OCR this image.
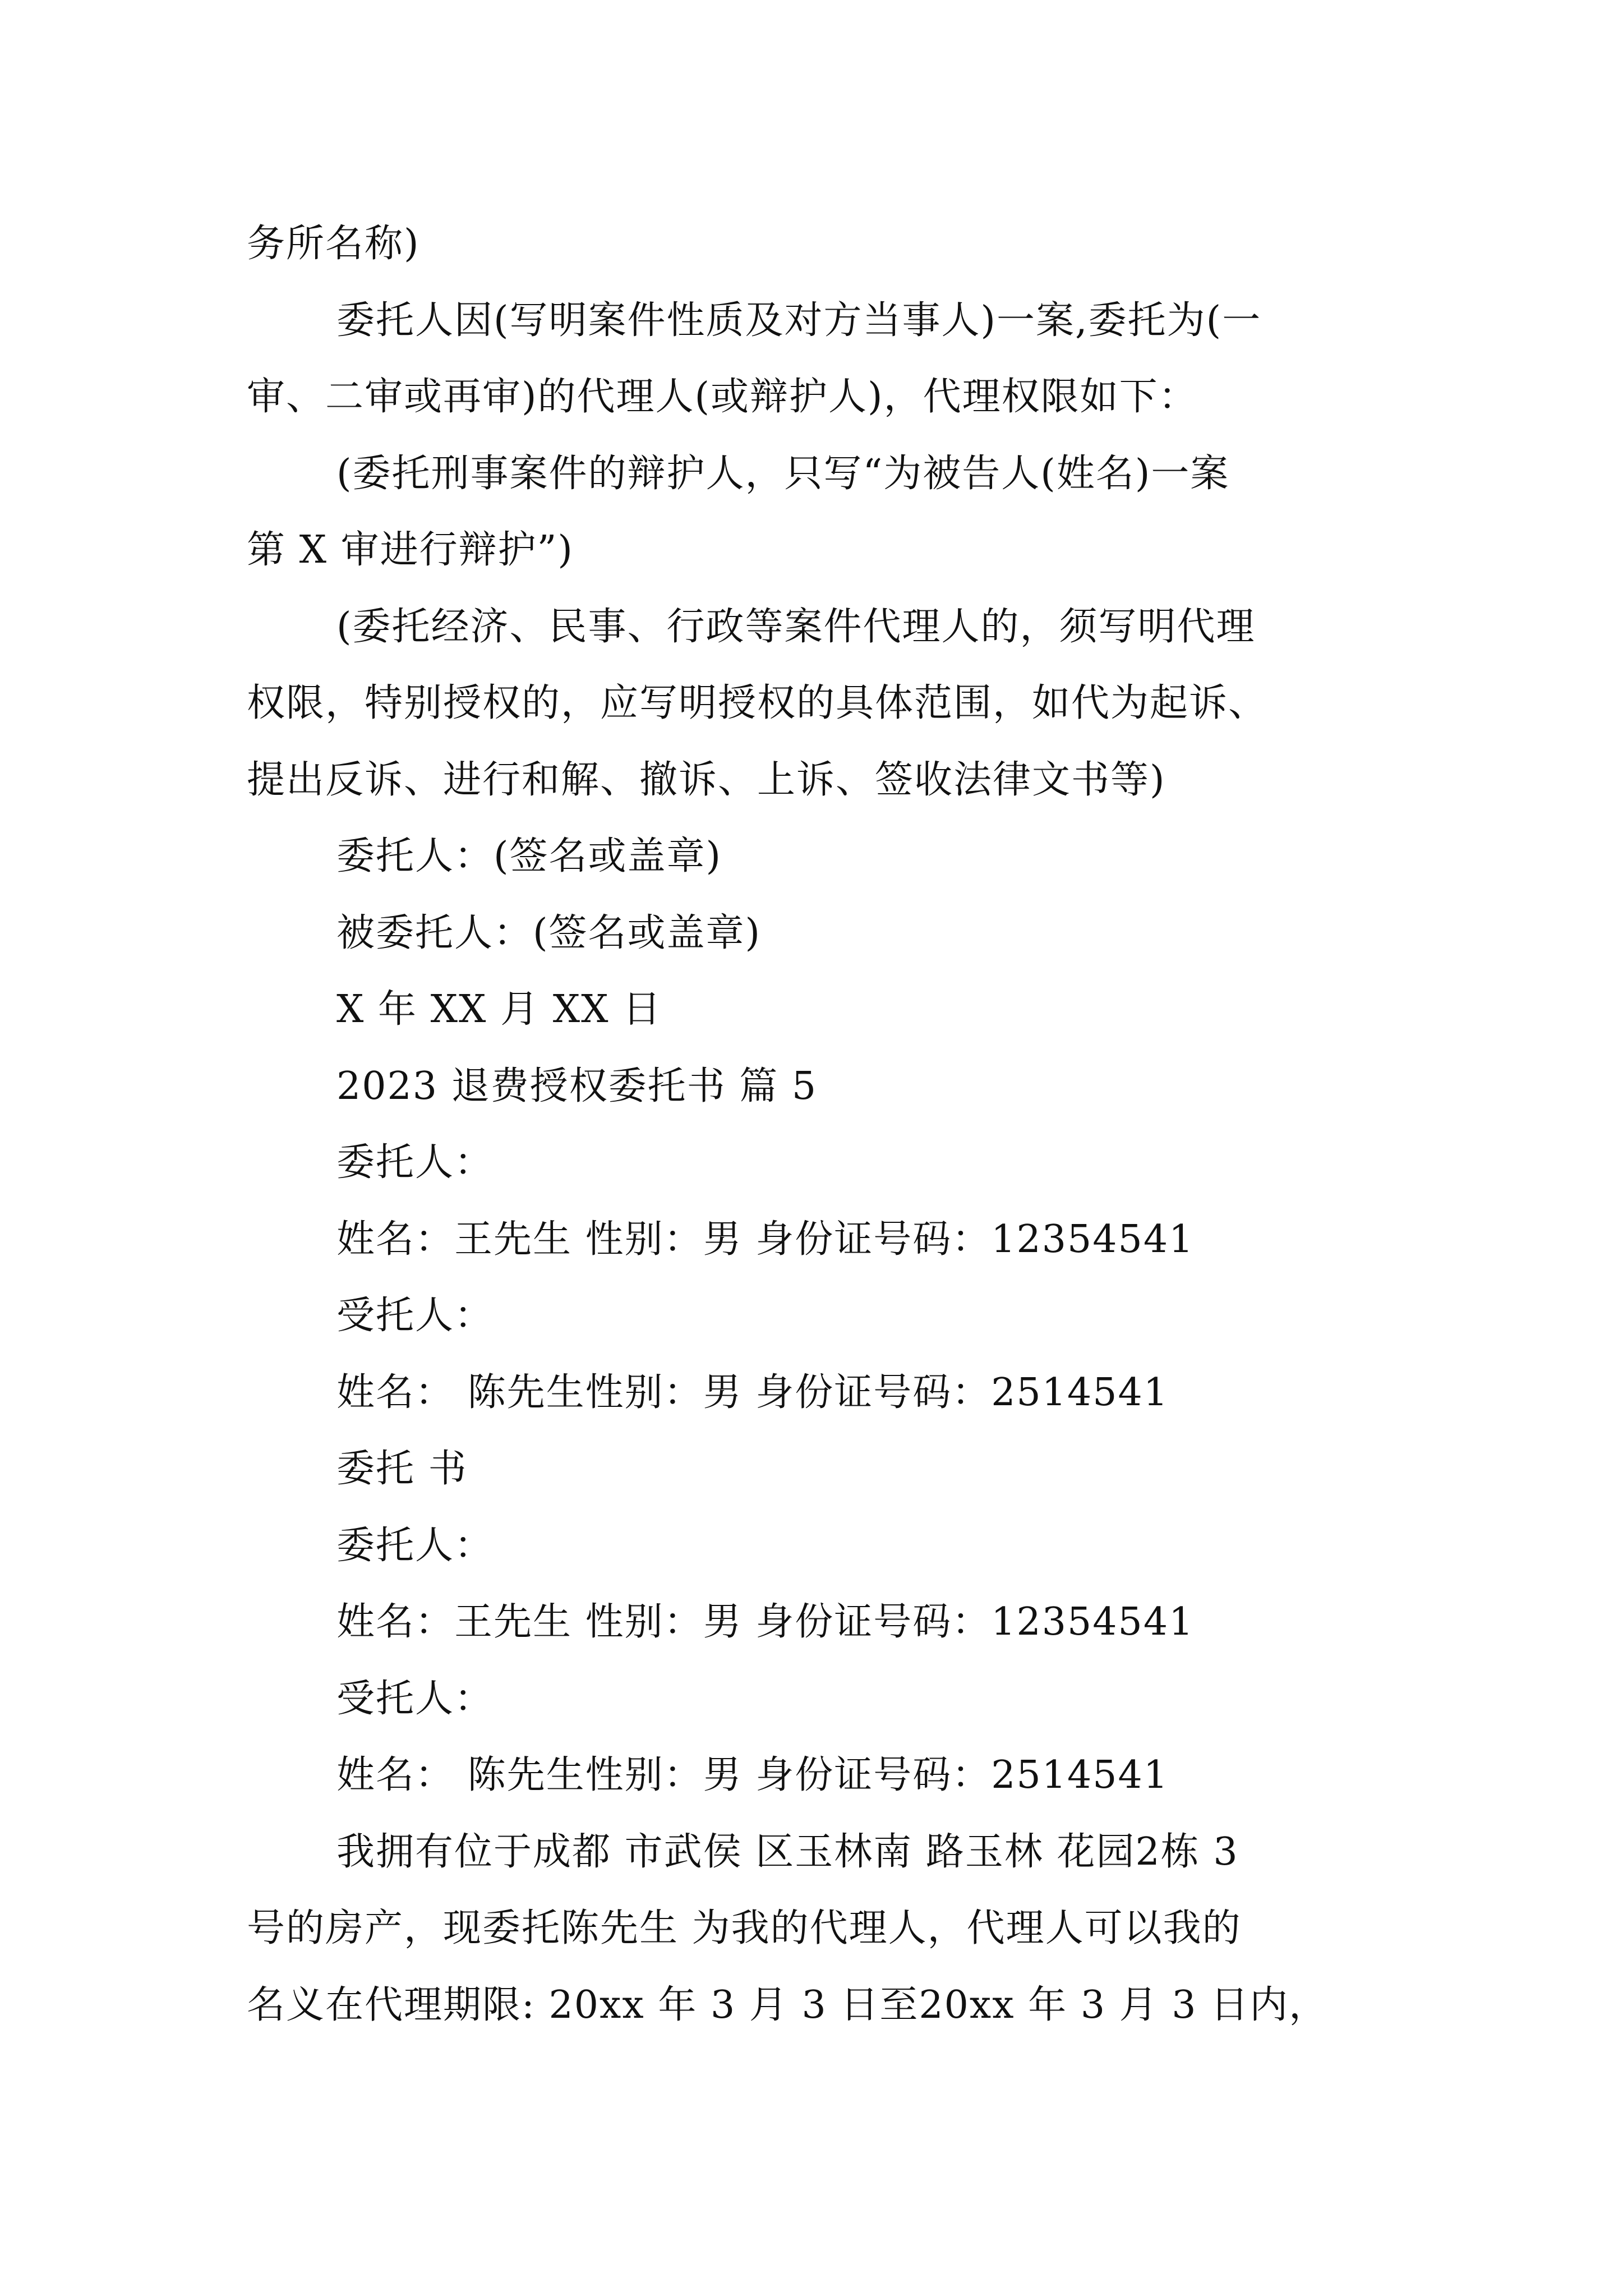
务所名称)
委托人因(写明案件性质及对方当事人)一案,委托为(一
审、二审或再审)的代理人(或辩护人)，代理权限如下：
(委托刑事案件的辩护人，只写“为被告人(姓名)一案
第 X 审进行辩护”)
(委托经济、民事、行政等案件代理人的，须写明代理
权限，特别授权的，应写明授权的具体范围，如代为起诉、
提出反诉、进行和解、撤诉、上诉、签收法律文书等)
委托人：(签名或盖章)
被委托人：(签名或盖章)
X 年 XX 月 XX 日
2023 退费授权委托书 篇 5
委托人：
姓名：王先生 性别：男 身份证号码：12354541
受托人：
姓名： 陈先生性别：男 身份证号码：2514541
委托 书
委托人：
姓名：王先生 性别：男 身份证号码：12354541
受托人：
姓名： 陈先生性别：男 身份证号码：2514541
我拥有位于成都 市武侯 区玉林南 路玉林 花园2栋 3
号的房产，现委托陈先生 为我的代理人，代理人可以我的
名义在代理期限: 20xx 年 3 月 3 日至20xx 年 3 月 3 日内，
